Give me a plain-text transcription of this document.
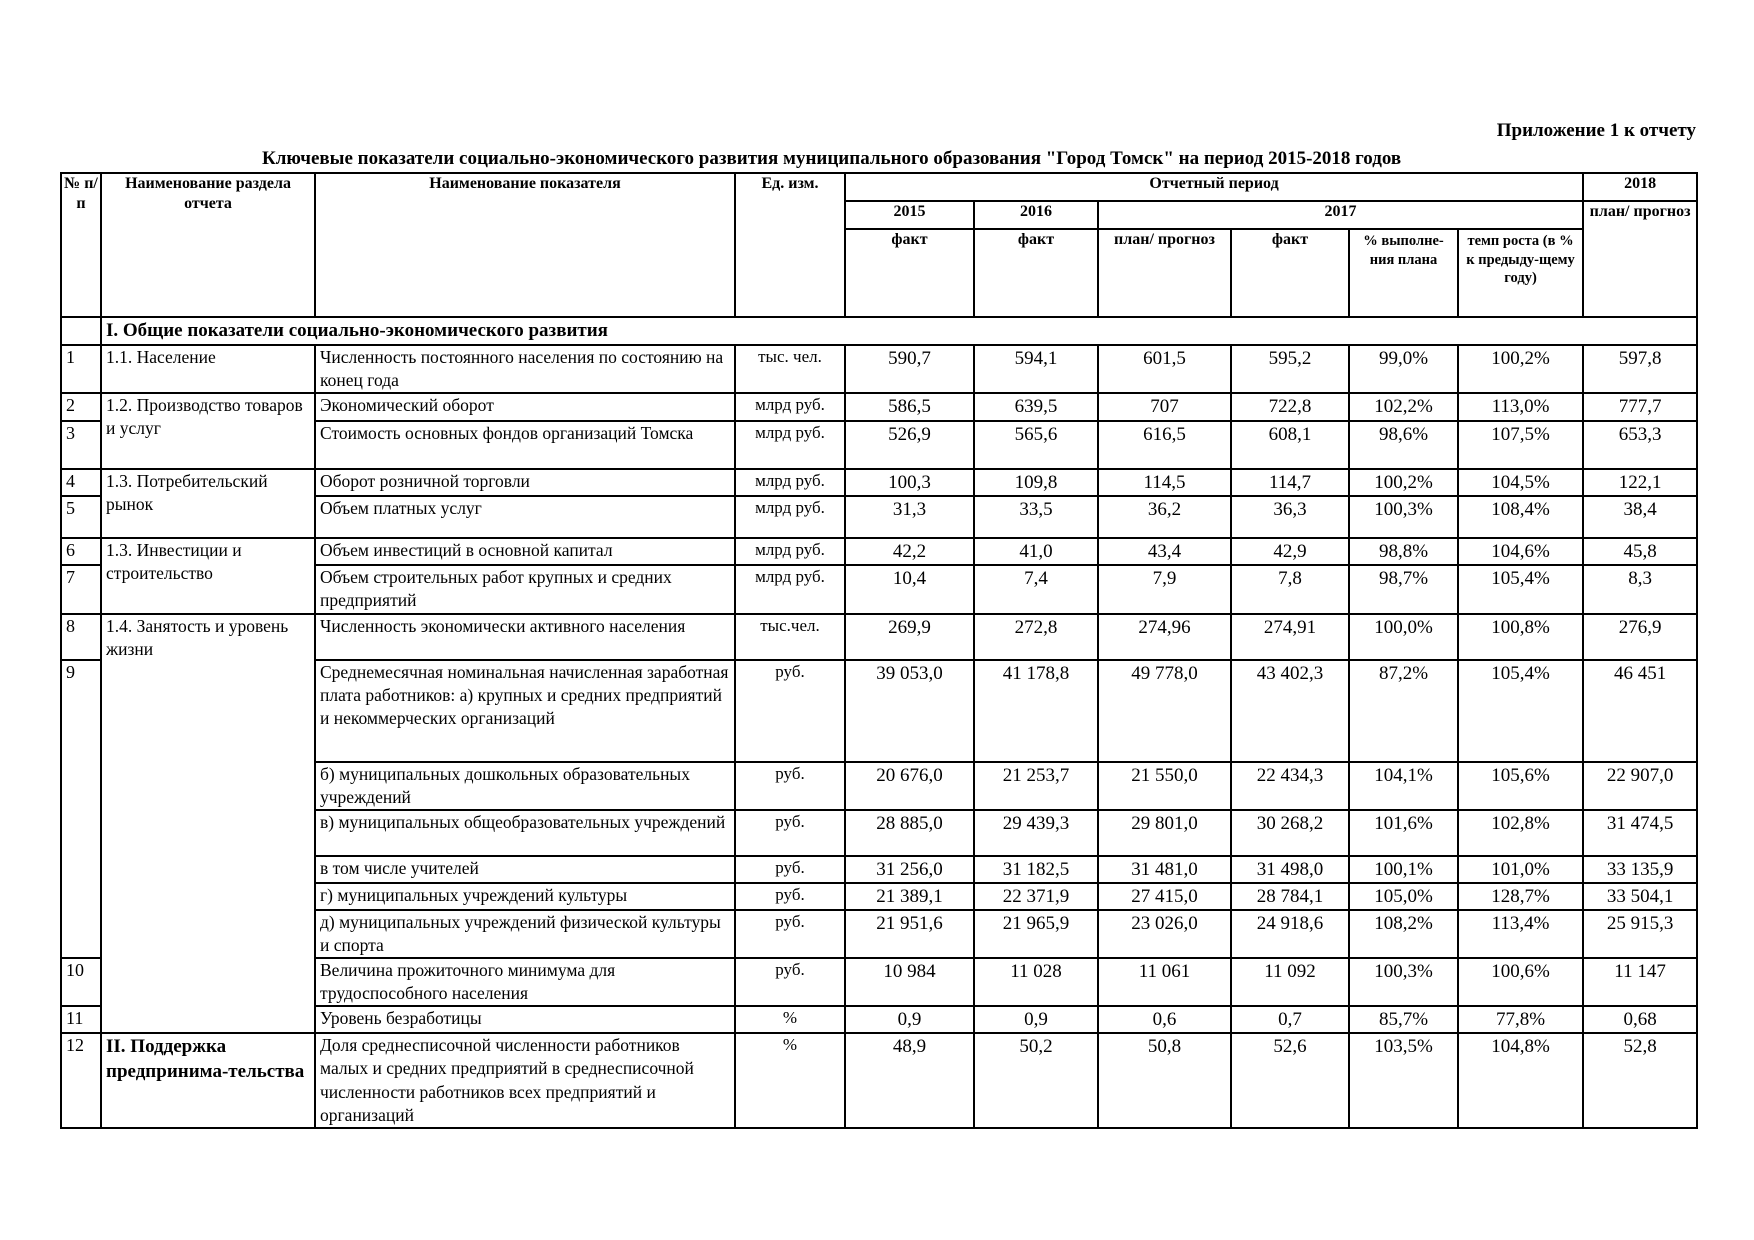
Приложение 1 к отчету
Ключевые показатели социально-экономического развития муниципального образования "Город Томск" на период 2015-2018 годов
№ п/п	Наименование раздела отчета	Наименование показателя	Ед. изм.	Отчетный период						2018
				2015	2016	2017				план/ прогноз
				факт	факт	план/ прогноз	факт	% выполне-ния плана	темп роста (в % к предыду-щему году)	
	I. Общие показатели социально-экономического развития									
1	1.1. Население	Численность постоянного населения по состоянию на конец года	тыс. чел.	590,7	594,1	601,5	595,2	99,0%	100,2%	597,8
2	1.2. Производство товаров и услуг	Экономический оборот	млрд руб.	586,5	639,5	707	722,8	102,2%	113,0%	777,7
3		Стоимость основных фондов организаций Томска	млрд руб.	526,9	565,6	616,5	608,1	98,6%	107,5%	653,3
4	1.3. Потребительский рынок	Оборот розничной торговли	млрд руб.	100,3	109,8	114,5	114,7	100,2%	104,5%	122,1
5		Объем платных услуг	млрд руб.	31,3	33,5	36,2	36,3	100,3%	108,4%	38,4
6	1.3. Инвестиции и строительство	Объем инвестиций в основной капитал	млрд руб.	42,2	41,0	43,4	42,9	98,8%	104,6%	45,8
7		Объем строительных работ крупных и средних предприятий	млрд руб.	10,4	7,4	7,9	7,8	98,7%	105,4%	8,3
8	1.4. Занятость и уровень жизни	Численность экономически активного населения	тыс.чел.	269,9	272,8	274,96	274,91	100,0%	100,8%	276,9
9		Среднемесячная номинальная начисленная заработная плата работников: а) крупных и средних предприятий и некоммерческих организаций	руб.	39 053,0	41 178,8	49 778,0	43 402,3	87,2%	105,4%	46 451
		б) муниципальных дошкольных образовательных учреждений	руб.	20 676,0	21 253,7	21 550,0	22 434,3	104,1%	105,6%	22 907,0
		в) муниципальных общеобразовательных учреждений	руб.	28 885,0	29 439,3	29 801,0	30 268,2	101,6%	102,8%	31 474,5
		в том числе учителей	руб.	31 256,0	31 182,5	31 481,0	31 498,0	100,1%	101,0%	33 135,9
		г) муниципальных учреждений культуры	руб.	21 389,1	22 371,9	27 415,0	28 784,1	105,0%	128,7%	33 504,1
		д) муниципальных учреждений физической культуры и спорта	руб.	21 951,6	21 965,9	23 026,0	24 918,6	108,2%	113,4%	25 915,3
10		Величина прожиточного минимума для трудоспособного населения	руб.	10 984	11 028	11 061	11 092	100,3%	100,6%	11 147
11		Уровень безработицы	%	0,9	0,9	0,6	0,7	85,7%	77,8%	0,68
12	II. Поддержка предпринима-тельства	Доля среднесписочной численности работников малых и средних предприятий в среднесписочной численности работников всех предприятий и организаций	%	48,9	50,2	50,8	52,6	103,5%	104,8%	52,8
